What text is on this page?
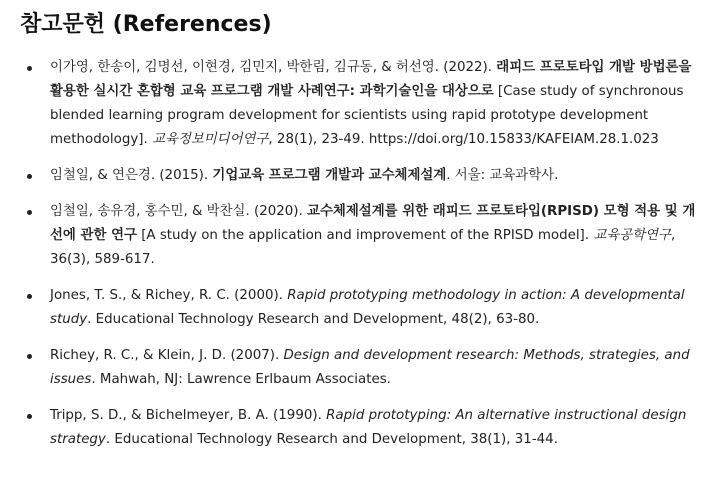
참고문헌 (References)
이가영, 한송이, 김명선, 이현경, 김민지, 박한림, 김규동, & 허선영. (2022). 래피드 프로토타입 개발 방법론을 활용한 실시간 혼합형 교육 프로그램 개발 사례연구: 과학기술인을 대상으로 [Case study of synchronous blended learning program development for scientists using rapid prototype development methodology]. 교육정보미디어연구, 28(1), 23-49. https://doi.org/10.15833/KAFEIAM.28.1.023
임철일, & 연은경. (2015). 기업교육 프로그램 개발과 교수체제설계. 서울: 교육과학사.
임철일, 송유경, 홍수민, & 박찬실. (2020). 교수체제설계를 위한 래피드 프로토타입(RPISD) 모형 적용 및 개선에 관한 연구 [A study on the application and improvement of the RPISD model]. 교육공학연구, 36(3), 589-617.
Jones, T. S., & Richey, R. C. (2000). Rapid prototyping methodology in action: A developmental study. Educational Technology Research and Development, 48(2), 63-80.
Richey, R. C., & Klein, J. D. (2007). Design and development research: Methods, strategies, and issues. Mahwah, NJ: Lawrence Erlbaum Associates.
Tripp, S. D., & Bichelmeyer, B. A. (1990). Rapid prototyping: An alternative instructional design strategy. Educational Technology Research and Development, 38(1), 31-44.
